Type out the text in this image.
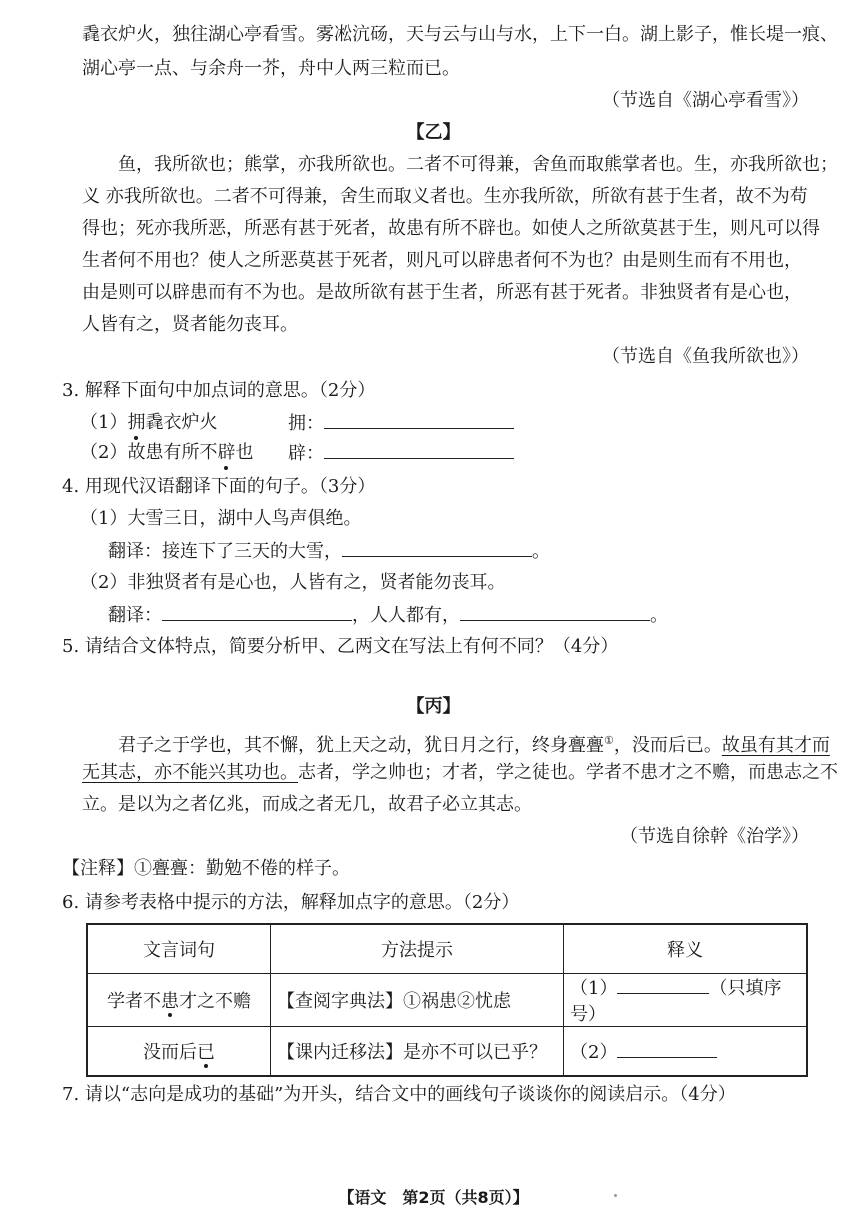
毳衣炉火，独往湖心亭看雪。雾凇沆砀，天与云与山与水，上下一白。湖上影子，惟长堤一痕、
湖心亭一点、与余舟一芥，舟中人两三粒而已。
（节选自《湖心亭看雪》）
【乙】
鱼，我所欲也；熊掌，亦我所欲也。二者不可得兼，舍鱼而取熊掌者也。生，亦我所欲也；
义 亦我所欲也。二者不可得兼，舍生而取义者也。生亦我所欲，所欲有甚于生者，故不为苟
得也；死亦我所恶，所恶有甚于死者，故患有所不辟也。如使人之所欲莫甚于生，则凡可以得
生者何不用也？使人之所恶莫甚于死者，则凡可以辟患者何不为也？由是则生而有不用也，
由是则可以辟患而有不为也。是故所欲有甚于生者，所恶有甚于死者。非独贤者有是心也，
人皆有之，贤者能勿丧耳。
（节选自《鱼我所欲也》）
3. 解释下面句中加点词的意思。（2分）
（1）拥毳衣炉火	拥：
（2）故患有所不辟也 辟：
4. 用现代汉语翻译下面的句子。（3分）
（1）大雪三日，湖中人鸟声俱绝。
翻译：接连下了三天的大雪，	。
（2）非独贤者有是心也，人皆有之，贤者能勿丧耳。
翻译：	，人人都有，	。
5. 请结合文体特点，简要分析甲、乙两文在写法上有何不同？（4分）
【丙】
君子之于学也，其不懈，犹上天之动，犹日月之行，终身亹亹①，没而后已。故虽有其才而
无其志，亦不能兴其功也。志者，学之帅也；才者，学之徒也。学者不患才之不赡，而患志之不
立。是以为之者亿兆，而成之者无几，故君子必立其志。
（节选自徐幹《治学》）
【注释】①亹亹：勤勉不倦的样子。
6. 请参考表格中提示的方法，解释加点字的意思。（2分）
文言词句	方法提示	释义
学者不患才之不赡	【查阅字典法】①祸患②忧虑	（1） （只填序号）
没而后已	【课内迁移法】是亦不可以已乎？	（2）
7. 请以“志向是成功的基础”为开头，结合文中的画线句子谈谈你的阅读启示。（4分）
【语文　第2页（共8页）】
